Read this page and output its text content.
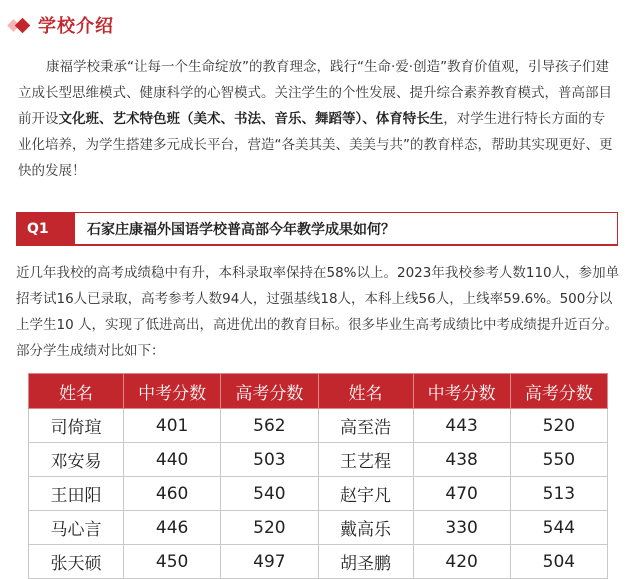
学校介绍
康福学校秉承“让每一个生命绽放”的教育理念，践行“生命·爱·创造”教育价值观，引导孩子们建立成长型思维模式、健康科学的心智模式。关注学生的个性发展、提升综合素养教育模式，普高部目前开设文化班、艺术特色班（美术、书法、音乐、舞蹈等）、体育特长生，对学生进行特长方面的专业化培养，为学生搭建多元成长平台，营造“各美其美、美美与共”的教育样态，帮助其实现更好、更快的发展！
Q1	石家庄康福外国语学校普高部今年教学成果如何？
近几年我校的高考成绩稳中有升，本科录取率保持在58%以上。2023年我校参考人数110人，参加单招考试16人已录取，高考参考人数94人，过强基线18人，本科上线56人，上线率59.6%。500分以上学生10 人，实现了低进高出，高进优出的教育目标。很多毕业生高考成绩比中考成绩提升近百分。
部分学生成绩对比如下：
姓名	中考分数	高考分数	姓名	中考分数	高考分数
司倚瑄	401	562	高至浩	443	520
邓安易	440	503	王艺程	438	550
王田阳	460	540	赵宇凡	470	513
马心言	446	520	戴高乐	330	544
张天硕	450	497	胡圣鹏	420	504
